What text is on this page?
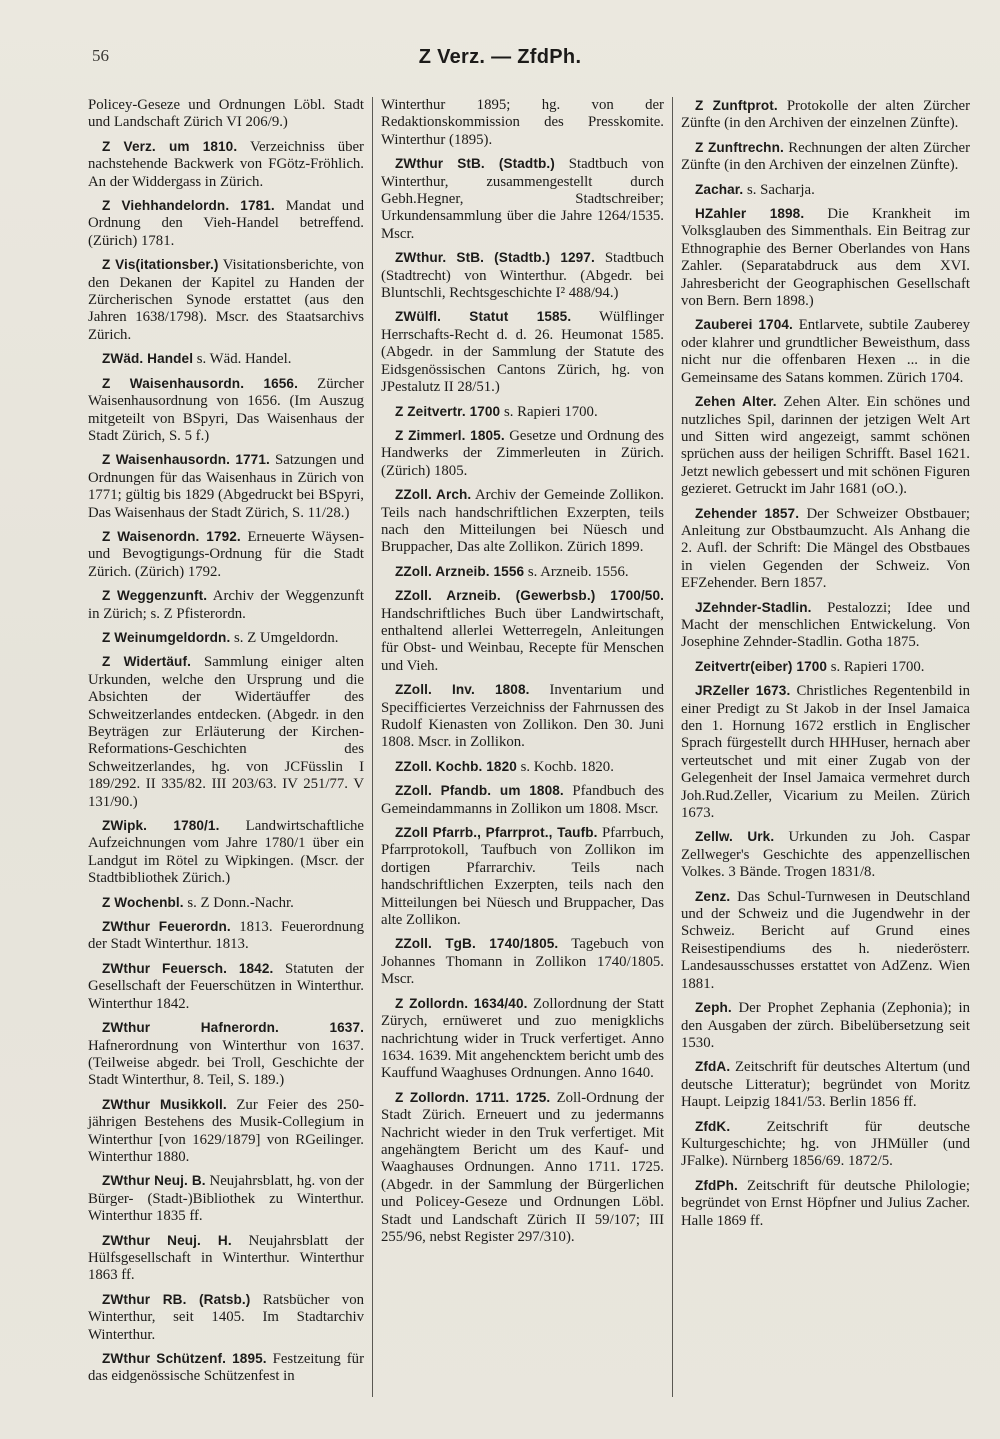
56	Z Verz. — ZfdPh.

Policey-Geseze und Ordnungen Löbl. Stadt und Landschaft Zürich VI 206/9.)

Z Verz. um 1810. Verzeichniss über nachstehende Backwerk von FGötz-Fröhlich. An der Widdergass in Zürich.

Z Viehhandelordn. 1781. Mandat und Ordnung den Vieh-Handel betreffend. (Zürich) 1781.

Z Vis(itationsber.) Visitationsberichte, von den Dekanen der Kapitel zu Handen der Zürcherischen Synode erstattet (aus den Jahren 1638/1798). Mscr. des Staatsarchivs Zürich.

ZWäd. Handel s. Wäd. Handel.

Z Waisenhausordn. 1656. Zürcher Waisenhausordnung von 1656. (Im Auszug mitgeteilt von BSpyri, Das Waisenhaus der Stadt Zürich, S. 5 f.)

Z Waisenhausordn. 1771. Satzungen und Ordnungen für das Waisenhaus in Zürich von 1771; gültig bis 1829 (Abgedruckt bei BSpyri, Das Waisenhaus der Stadt Zürich, S. 11/28.)

Z Waisenordn. 1792. Erneuerte Wäysen- und Bevogtigungs-Ordnung für die Stadt Zürich. (Zürich) 1792.

Z Weggenzunft. Archiv der Weggenzunft in Zürich; s. Z Pfisterordn.

Z Weinumgeldordn. s. Z Umgeldordn.

Z Widertäuf. Sammlung einiger alten Urkunden, welche den Ursprung und die Absichten der Widertäuffer des Schweitzerlandes entdecken. (Abgedr. in den Beyträgen zur Erläuterung der Kirchen-Reformations-Geschichten des Schweitzerlandes, hg. von JCFüsslin I 189/292. II 335/82. III 203/63. IV 251/77. V 131/90.)

ZWipk. 1780/1. Landwirtschaftliche Aufzeichnungen vom Jahre 1780/1 über ein Landgut im Rötel zu Wipkingen. (Mscr. der Stadtbibliothek Zürich.)

Z Wochenbl. s. Z Donn.-Nachr.

ZWthur Feuerordn. 1813. Feuerordnung der Stadt Winterthur. 1813.

ZWthur Feuersch. 1842. Statuten der Gesellschaft der Feuerschützen in Winterthur. Winterthur 1842.

ZWthur Hafnerordn. 1637. Hafnerordnung von Winterthur von 1637. (Teilweise abgedr. bei Troll, Geschichte der Stadt Winterthur, 8. Teil, S. 189.)

ZWthur Musikkoll. Zur Feier des 250-jährigen Bestehens des Musik-Collegium in Winterthur [von 1629/1879] von RGeilinger. Winterthur 1880.

ZWthur Neuj. B. Neujahrsblatt, hg. von der Bürger- (Stadt-)Bibliothek zu Winterthur. Winterthur 1835 ff.

ZWthur Neuj. H. Neujahrsblatt der Hülfsgesellschaft in Winterthur. Winterthur 1863 ff.

ZWthur RB. (Ratsb.) Ratsbücher von Winterthur, seit 1405. Im Stadtarchiv Winterthur.

ZWthur Schützenf. 1895. Festzeitung für das eidgenössische Schützenfest in

Winterthur 1895; hg. von der Redaktionskommission des Presskomite. Winterthur (1895).

ZWthur StB. (Stadtb.) Stadtbuch von Winterthur, zusammengestellt durch Gebh.Hegner, Stadtschreiber; Urkundensammlung über die Jahre 1264/1535. Mscr.

ZWthur. StB. (Stadtb.) 1297. Stadtbuch (Stadtrecht) von Winterthur. (Abgedr. bei Bluntschli, Rechtsgeschichte I² 488/94.)

ZWülfl. Statut 1585. Wülflinger Herrschafts-Recht d. d. 26. Heumonat 1585. (Abgedr. in der Sammlung der Statute des Eidsgenössischen Cantons Zürich, hg. von JPestalutz II 28/51.)

Z Zeitvertr. 1700 s. Rapieri 1700.

Z Zimmerl. 1805. Gesetze und Ordnung des Handwerks der Zimmerleuten in Zürich. (Zürich) 1805.

ZZoll. Arch. Archiv der Gemeinde Zollikon. Teils nach handschriftlichen Exzerpten, teils nach den Mitteilungen bei Nüesch und Bruppacher, Das alte Zollikon. Zürich 1899.

ZZoll. Arzneib. 1556 s. Arzneib. 1556.

ZZoll. Arzneib. (Gewerbsb.) 1700/50. Handschriftliches Buch über Landwirtschaft, enthaltend allerlei Wetterregeln, Anleitungen für Obst- und Weinbau, Recepte für Menschen und Vieh.

ZZoll. Inv. 1808. Inventarium und Specifficiertes Verzeichniss der Fahrnussen des Rudolf Kienasten von Zollikon. Den 30. Juni 1808. Mscr. in Zollikon.

ZZoll. Kochb. 1820 s. Kochb. 1820.

ZZoll. Pfandb. um 1808. Pfandbuch des Gemeindammanns in Zollikon um 1808. Mscr.

ZZoll Pfarrb., Pfarrprot., Taufb. Pfarrbuch, Pfarrprotokoll, Taufbuch von Zollikon im dortigen Pfarrarchiv. Teils nach handschriftlichen Exzerpten, teils nach den Mitteilungen bei Nüesch und Bruppacher, Das alte Zollikon.

ZZoll. TgB. 1740/1805. Tagebuch von Johannes Thomann in Zollikon 1740/1805. Mscr.

Z Zollordn. 1634/40. Zollordnung der Statt Zürych, ernüweret und zuo menigklichs nachrichtung wider in Truck verfertiget. Anno 1634. 1639. Mit angehencktem bericht umb des Kauffund Waaghuses Ordnungen. Anno 1640.

Z Zollordn. 1711. 1725. Zoll-Ordnung der Stadt Zürich. Erneuert und zu jedermanns Nachricht wieder in den Truk verfertiget. Mit angehängtem Bericht um des Kauf- und Waaghauses Ordnungen. Anno 1711. 1725. (Abgedr. in der Sammlung der Bürgerlichen und Policey-Geseze und Ordnungen Löbl. Stadt und Landschaft Zürich II 59/107; III 255/96, nebst Register 297/310).

Z Zunftprot. Protokolle der alten Zürcher Zünfte (in den Archiven der einzelnen Zünfte).

Z Zunftrechn. Rechnungen der alten Zürcher Zünfte (in den Archiven der einzelnen Zünfte).

Zachar. s. Sacharja.

HZahler 1898. Die Krankheit im Volksglauben des Simmenthals. Ein Beitrag zur Ethnographie des Berner Oberlandes von Hans Zahler. (Separatabdruck aus dem XVI. Jahresbericht der Geographischen Gesellschaft von Bern. Bern 1898.)

Zauberei 1704. Entlarvete, subtile Zauberey oder klahrer und grundtlicher Beweisthum, dass nicht nur die offenbaren Hexen ... in die Gemeinsame des Satans kommen. Zürich 1704.

Zehen Alter. Zehen Alter. Ein schönes und nutzliches Spil, darinnen der jetzigen Welt Art und Sitten wird angezeigt, sammt schönen sprüchen auss der heiligen Schrifft. Basel 1621. Jetzt newlich gebessert und mit schönen Figuren gezieret. Getruckt im Jahr 1681 (oO.).

Zehender 1857. Der Schweizer Obstbauer; Anleitung zur Obstbaumzucht. Als Anhang die 2. Aufl. der Schrift: Die Mängel des Obstbaues in vielen Gegenden der Schweiz. Von EFZehender. Bern 1857.

JZehnder-Stadlin. Pestalozzi; Idee und Macht der menschlichen Entwickelung. Von Josephine Zehnder-Stadlin. Gotha 1875.

Zeitvertr(eiber) 1700 s. Rapieri 1700.

JRZeller 1673. Christliches Regentenbild in einer Predigt zu St Jakob in der Insel Jamaica den 1. Hornung 1672 erstlich in Englischer Sprach fürgestellt durch HHHuser, hernach aber verteutschet und mit einer Zugab von der Gelegenheit der Insel Jamaica vermehret durch Joh.Rud.Zeller, Vicarium zu Meilen. Zürich 1673.

Zellw. Urk. Urkunden zu Joh. Caspar Zellweger's Geschichte des appenzellischen Volkes. 3 Bände. Trogen 1831/8.

Zenz. Das Schul-Turnwesen in Deutschland und der Schweiz und die Jugendwehr in der Schweiz. Bericht auf Grund eines Reisestipendiums des h. niederösterr. Landesausschusses erstattet von AdZenz. Wien 1881.

Zeph. Der Prophet Zephania (Zephonia); in den Ausgaben der zürch. Bibelübersetzung seit 1530.

ZfdA. Zeitschrift für deutsches Altertum (und deutsche Litteratur); begründet von Moritz Haupt. Leipzig 1841/53. Berlin 1856 ff.

ZfdK. Zeitschrift für deutsche Kulturgeschichte; hg. von JHMüller (und JFalke). Nürnberg 1856/69. 1872/5.

ZfdPh. Zeitschrift für deutsche Philologie; begründet von Ernst Höpfner und Julius Zacher. Halle 1869 ff.
